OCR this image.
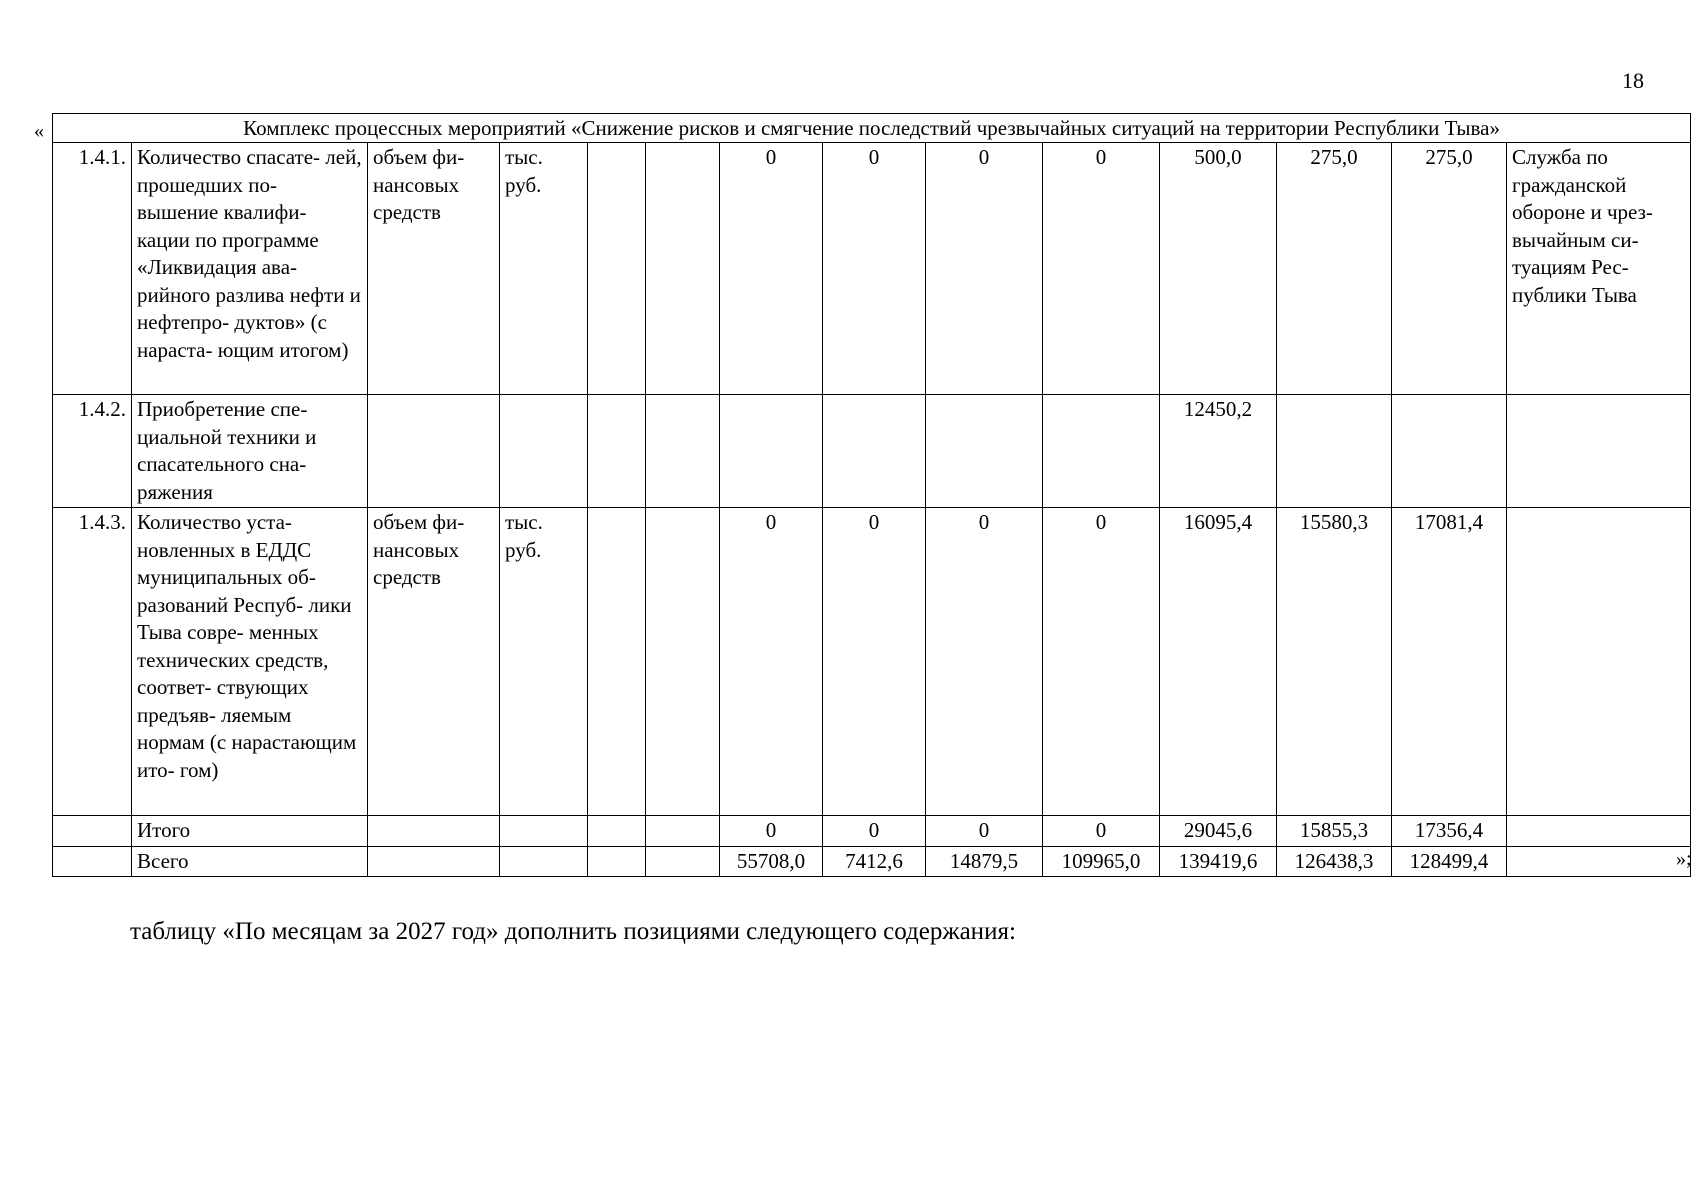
18
«
»;
Комплекс процессных мероприятий «Снижение рисков и смягчение последствий чрезвычайных ситуаций на территории Республики Тыва»													
1.4.1.	Количество спасате- лей, прошедших по- вышение квалифи- кации по программе «Ликвидация ава- рийного разлива нефти и нефтепро- дуктов» (с нараста- ющим итогом)	объем фи- нансовых средств	тыс. руб.			0	0	0	0	500,0	275,0	275,0	Служба по гражданской обороне и чрез- вычайным си- туациям Рес- публики Тыва
1.4.2.	Приобретение спе- циальной техники и спасательного сна- ряжения									12450,2			
1.4.3.	Количество уста- новленных в ЕДДС муниципальных об- разований Респуб- лики Тыва совре- менных технических средств, соответ- ствующих предъяв- ляемым нормам (с нарастающим ито- гом)	объем фи- нансовых средств	тыс. руб.			0	0	0	0	16095,4	15580,3	17081,4	
	Итого					0	0	0	0	29045,6	15855,3	17356,4	
	Всего					55708,0	7412,6	14879,5	109965,0	139419,6	126438,3	128499,4	
таблицу «По месяцам за 2027 год» дополнить позициями следующего содержания:
